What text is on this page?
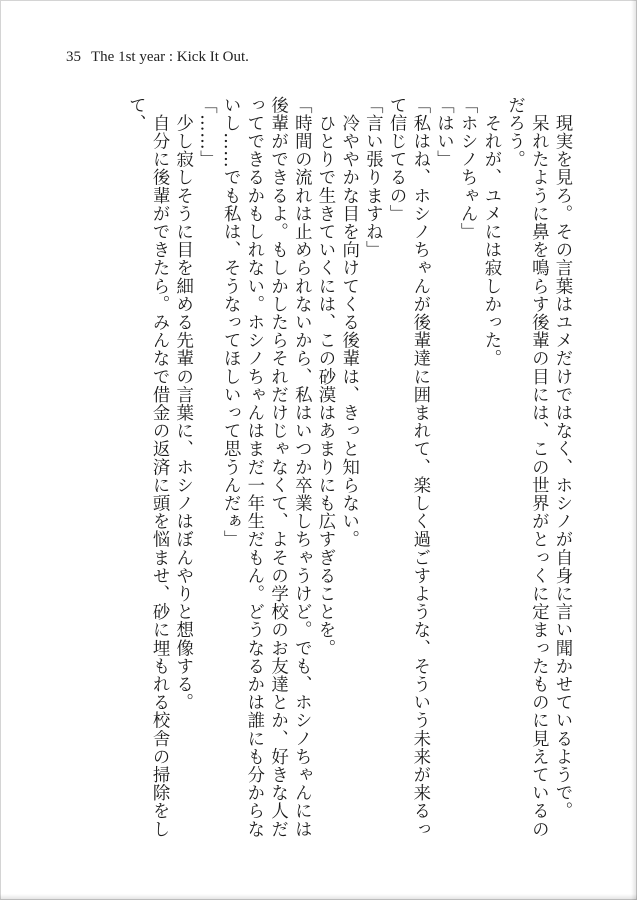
35 The 1st year : Kick It Out.

　現実を見ろ。その言葉はユメだけではなく、ホシノが自身に言い聞かせているようで。

　呆れたように鼻を鳴らす後輩の目には、この世界がとっくに定まったものに見えているのだろう。

　それが、ユメには寂しかった。

「ホシノちゃん」

「はい」

「私はね、ホシノちゃんが後輩達に囲まれて、楽しく過ごすような、そういう未来が来るって信じてるの」

「言い張りますね」

　冷ややかな目を向けてくる後輩は、きっと知らない。

　ひとりで生きていくには、この砂漠はあまりにも広すぎることを。

「時間の流れは止められないから、私はいつか卒業しちゃうけど。でも、ホシノちゃんには後輩ができるよ。もしかしたらそれだけじゃなくて、よその学校のお友達とか、好きな人だってできるかもしれない。ホシノちゃんはまだ一年生だもん。どうなるかは誰にも分からないし……でも私は、そうなってほしいって思うんだぁ」

「……」

　少し寂しそうに目を細める先輩の言葉に、ホシノはぼんやりと想像する。

　自分に後輩ができたら。みんなで借金の返済に頭を悩ませ、砂に埋もれる校舎の掃除をして、
